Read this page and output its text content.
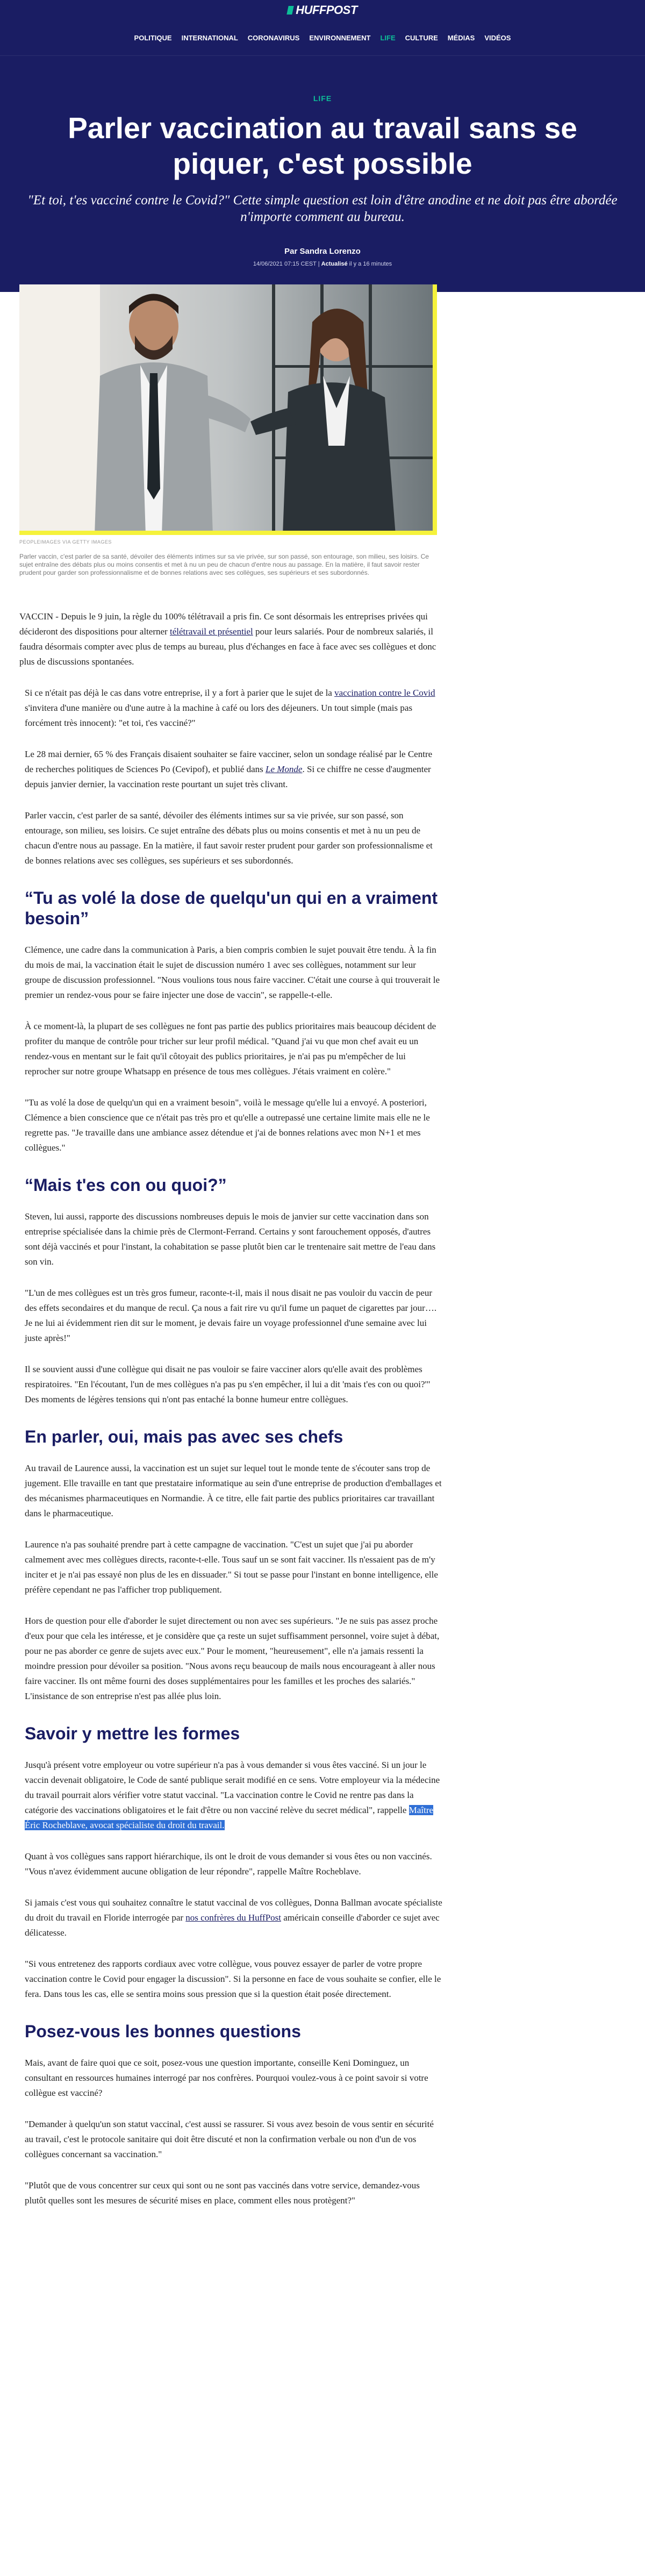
HUFFPOST
POLITIQUE	INTERNATIONAL	CORONAVIRUS	ENVIRONNEMENT	LIFE	CULTURE	MÉDIAS	VIDÉOS
LIFE
Parler vaccination au travail sans se piquer, c'est possible

"Et toi, t'es vacciné contre le Covid?" Cette simple question est loin d'être anodine et ne doit pas être abordée n'importe comment au bureau.

Par Sandra Lorenzo
14/06/2021 07:15 CEST | Actualisé il y a 16 minutes
PEOPLEIMAGES VIA GETTY IMAGES

Parler vaccin, c'est parler de sa santé, dévoiler des éléments intimes sur sa vie privée, sur son passé, son entourage, son milieu, ses loisirs. Ce sujet entraîne des débats plus ou moins consentis et met à nu un peu de chacun d'entre nous au passage. En la matière, il faut savoir rester prudent pour garder son professionnalisme et de bonnes relations avec ses collègues, ses supérieurs et ses subordonnés.

VACCIN - Depuis le 9 juin, la règle du 100% télétravail a pris fin. Ce sont désormais les entreprises privées qui décideront des dispositions pour alterner télétravail et présentiel pour leurs salariés. Pour de nombreux salariés, il faudra désormais compter avec plus de temps au bureau, plus d'échanges en face à face avec ses collègues et donc plus de discussions spontanées.

Si ce n'était pas déjà le cas dans votre entreprise, il y a fort à parier que le sujet de la vaccination contre le Covid s'invitera d'une manière ou d'une autre à la machine à café ou lors des déjeuners. Un tout simple (mais pas forcément très innocent): "et toi, t'es vacciné?"

Le 28 mai dernier, 65 % des Français disaient souhaiter se faire vacciner, selon un sondage réalisé par le Centre de recherches politiques de Sciences Po (Cevipof), et publié dans Le Monde. Si ce chiffre ne cesse d'augmenter depuis janvier dernier, la vaccination reste pourtant un sujet très clivant.

Parler vaccin, c'est parler de sa santé, dévoiler des éléments intimes sur sa vie privée, sur son passé, son entourage, son milieu, ses loisirs. Ce sujet entraîne des débats plus ou moins consentis et met à nu un peu de chacun d'entre nous au passage. En la matière, il faut savoir rester prudent pour garder son professionnalisme et de bonnes relations avec ses collègues, ses supérieurs et ses subordonnés.

“Tu as volé la dose de quelqu'un qui en a vraiment besoin”

Clémence, une cadre dans la communication à Paris, a bien compris combien le sujet pouvait être tendu. À la fin du mois de mai, la vaccination était le sujet de discussion numéro 1 avec ses collègues, notamment sur leur groupe de discussion professionnel. "Nous voulions tous nous faire vacciner. C'était une course à qui trouverait le premier un rendez-vous pour se faire injecter une dose de vaccin", se rappelle-t-elle.

À ce moment-là, la plupart de ses collègues ne font pas partie des publics prioritaires mais beaucoup décident de profiter du manque de contrôle pour tricher sur leur profil médical. "Quand j'ai vu que mon chef avait eu un rendez-vous en mentant sur le fait qu'il côtoyait des publics prioritaires, je n'ai pas pu m'empêcher de lui reprocher sur notre groupe Whatsapp en présence de tous mes collègues. J'étais vraiment en colère."

"Tu as volé la dose de quelqu'un qui en a vraiment besoin", voilà le message qu'elle lui a envoyé. A posteriori, Clémence a bien conscience que ce n'était pas très pro et qu'elle a outrepassé une certaine limite mais elle ne le regrette pas. "Je travaille dans une ambiance assez détendue et j'ai de bonnes relations avec mon N+1 et mes collègues."

“Mais t'es con ou quoi?”

Steven, lui aussi, rapporte des discussions nombreuses depuis le mois de janvier sur cette vaccination dans son entreprise spécialisée dans la chimie près de Clermont-Ferrand. Certains y sont farouchement opposés, d'autres sont déjà vaccinés et pour l'instant, la cohabitation se passe plutôt bien car le trentenaire sait mettre de l'eau dans son vin.

"L'un de mes collègues est un très gros fumeur, raconte-t-il, mais il nous disait ne pas vouloir du vaccin de peur des effets secondaires et du manque de recul. Ça nous a fait rire vu qu'il fume un paquet de cigarettes par jour…. Je ne lui ai évidemment rien dit sur le moment, je devais faire un voyage professionnel d'une semaine avec lui juste après!"

Il se souvient aussi d'une collègue qui disait ne pas vouloir se faire vacciner alors qu'elle avait des problèmes respiratoires. "En l'écoutant, l'un de mes collègues n'a pas pu s'en empêcher, il lui a dit 'mais t'es con ou quoi?'" Des moments de légères tensions qui n'ont pas entaché la bonne humeur entre collègues.

En parler, oui, mais pas avec ses chefs

Au travail de Laurence aussi, la vaccination est un sujet sur lequel tout le monde tente de s'écouter sans trop de jugement. Elle travaille en tant que prestataire informatique au sein d'une entreprise de production d'emballages et des mécanismes pharmaceutiques en Normandie. À ce titre, elle fait partie des publics prioritaires car travaillant dans le pharmaceutique.

Laurence n'a pas souhaité prendre part à cette campagne de vaccination. "C'est un sujet que j'ai pu aborder calmement avec mes collègues directs, raconte-t-elle. Tous sauf un se sont fait vacciner. Ils n'essaient pas de m'y inciter et je n'ai pas essayé non plus de les en dissuader." Si tout se passe pour l'instant en bonne intelligence, elle préfère cependant ne pas l'afficher trop publiquement.

Hors de question pour elle d'aborder le sujet directement ou non avec ses supérieurs. "Je ne suis pas assez proche d'eux pour que cela les intéresse, et je considère que ça reste un sujet suffisamment personnel, voire sujet à débat, pour ne pas aborder ce genre de sujets avec eux." Pour le moment, "heureusement", elle n'a jamais ressenti la moindre pression pour dévoiler sa position. "Nous avons reçu beaucoup de mails nous encourageant à aller nous faire vacciner. Ils ont même fourni des doses supplémentaires pour les familles et les proches des salariés." L'insistance de son entreprise n'est pas allée plus loin.

Savoir y mettre les formes

Jusqu'à présent votre employeur ou votre supérieur n'a pas à vous demander si vous êtes vacciné. Si un jour le vaccin devenait obligatoire, le Code de santé publique serait modifié en ce sens. Votre employeur via la médecine du travail pourrait alors vérifier votre statut vaccinal. "La vaccination contre le Covid ne rentre pas dans la catégorie des vaccinations obligatoires et le fait d'être ou non vacciné relève du secret médical", rappelle Maître Éric Rocheblave, avocat spécialiste du droit du travail.

Quant à vos collègues sans rapport hiérarchique, ils ont le droit de vous demander si vous êtes ou non vaccinés. "Vous n'avez évidemment aucune obligation de leur répondre", rappelle Maître Rocheblave.

Si jamais c'est vous qui souhaitez connaître le statut vaccinal de vos collègues, Donna Ballman avocate spécialiste du droit du travail en Floride interrogée par nos confrères du HuffPost américain conseille d'aborder ce sujet avec délicatesse.

"Si vous entretenez des rapports cordiaux avec votre collègue, vous pouvez essayer de parler de votre propre vaccination contre le Covid pour engager la discussion". Si la personne en face de vous souhaite se confier, elle le fera. Dans tous les cas, elle se sentira moins sous pression que si la question était posée directement.

Posez-vous les bonnes questions

Mais, avant de faire quoi que ce soit, posez-vous une question importante, conseille Keni Dominguez, un consultant en ressources humaines interrogé par nos confrères. Pourquoi voulez-vous à ce point savoir si votre collègue est vacciné?

"Demander à quelqu'un son statut vaccinal, c'est aussi se rassurer. Si vous avez besoin de vous sentir en sécurité au travail, c'est le protocole sanitaire qui doit être discuté et non la confirmation verbale ou non d'un de vos collègues concernant sa vaccination."

"Plutôt que de vous concentrer sur ceux qui sont ou ne sont pas vaccinés dans votre service, demandez-vous plutôt quelles sont les mesures de sécurité mises en place, comment elles nous protègent?"
